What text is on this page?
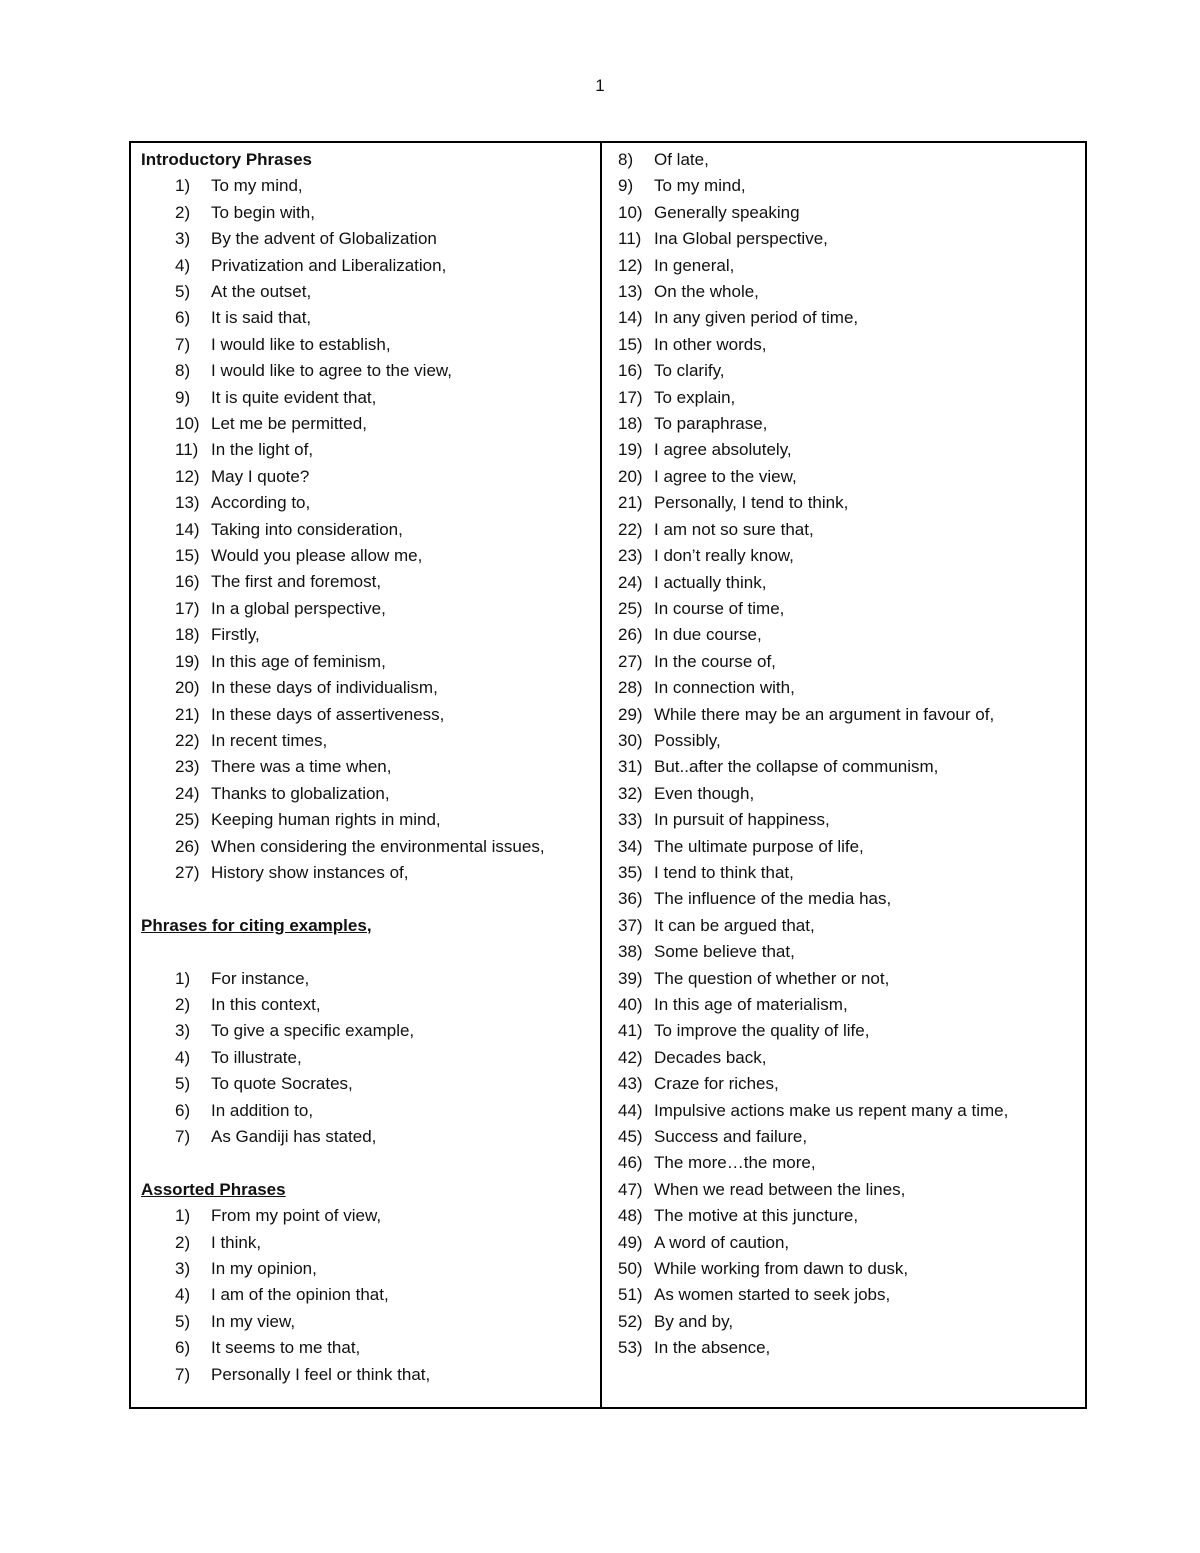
1
Introductory Phrases
1)	To my mind,
2)	To begin with,
3)	By the advent of Globalization
4)	Privatization and Liberalization,
5)	At the outset,
6)	It is said that,
7)	I would like to establish,
8)	I would like to agree to the view,
9)	It is quite evident that,
10) Let me be permitted,
11) In the light of,
12) May I quote?
13) According to,
14) Taking into consideration,
15) Would you please allow me,
16) The first and foremost,
17) In a global perspective,
18) Firstly,
19) In this age of feminism,
20) In these days of individualism,
21) In these days of assertiveness,
22) In recent times,
23) There was a time when,
24) Thanks to globalization,
25) Keeping human rights in mind,
26) When considering the environmental issues,
27) History show instances of,
Phrases for citing examples,
1)	For instance,
2)	In this context,
3)	To give a specific example,
4)	To illustrate,
5)	To quote Socrates,
6)	In addition to,
7)	As Gandiji has stated,
Assorted Phrases
1)	From my point of view,
2)	I think,
3)	In my opinion,
4)	I am of the opinion that,
5)	In my view,
6)	It seems to me that,
7)	Personally I feel or think that,
8)	Of late,
9)	To my mind,
10) Generally speaking
11) Ina Global perspective,
12) In general,
13) On the whole,
14) In any given period of time,
15) In other words,
16) To clarify,
17) To explain,
18) To paraphrase,
19) I agree absolutely,
20) I agree to the view,
21) Personally, I tend to think,
22) I am not so sure that,
23) I don’t really know,
24) I actually think,
25) In course of time,
26) In due course,
27) In the course of,
28) In connection with,
29) While there may be an argument in favour of,
30) Possibly,
31) But..after the collapse of communism,
32) Even though,
33) In pursuit of happiness,
34) The ultimate purpose of life,
35) I tend to think that,
36) The influence of the media has,
37) It can be argued that,
38) Some believe that,
39) The question of whether or not,
40) In this age of materialism,
41) To improve the quality of life,
42) Decades back,
43) Craze for riches,
44) Impulsive actions make us repent many a time,
45) Success and failure,
46) The more…the more,
47) When we read between the lines,
48) The motive at this juncture,
49) A word of caution,
50) While working from dawn to dusk,
51) As women started to seek jobs,
52) By and by,
53) In the absence,
